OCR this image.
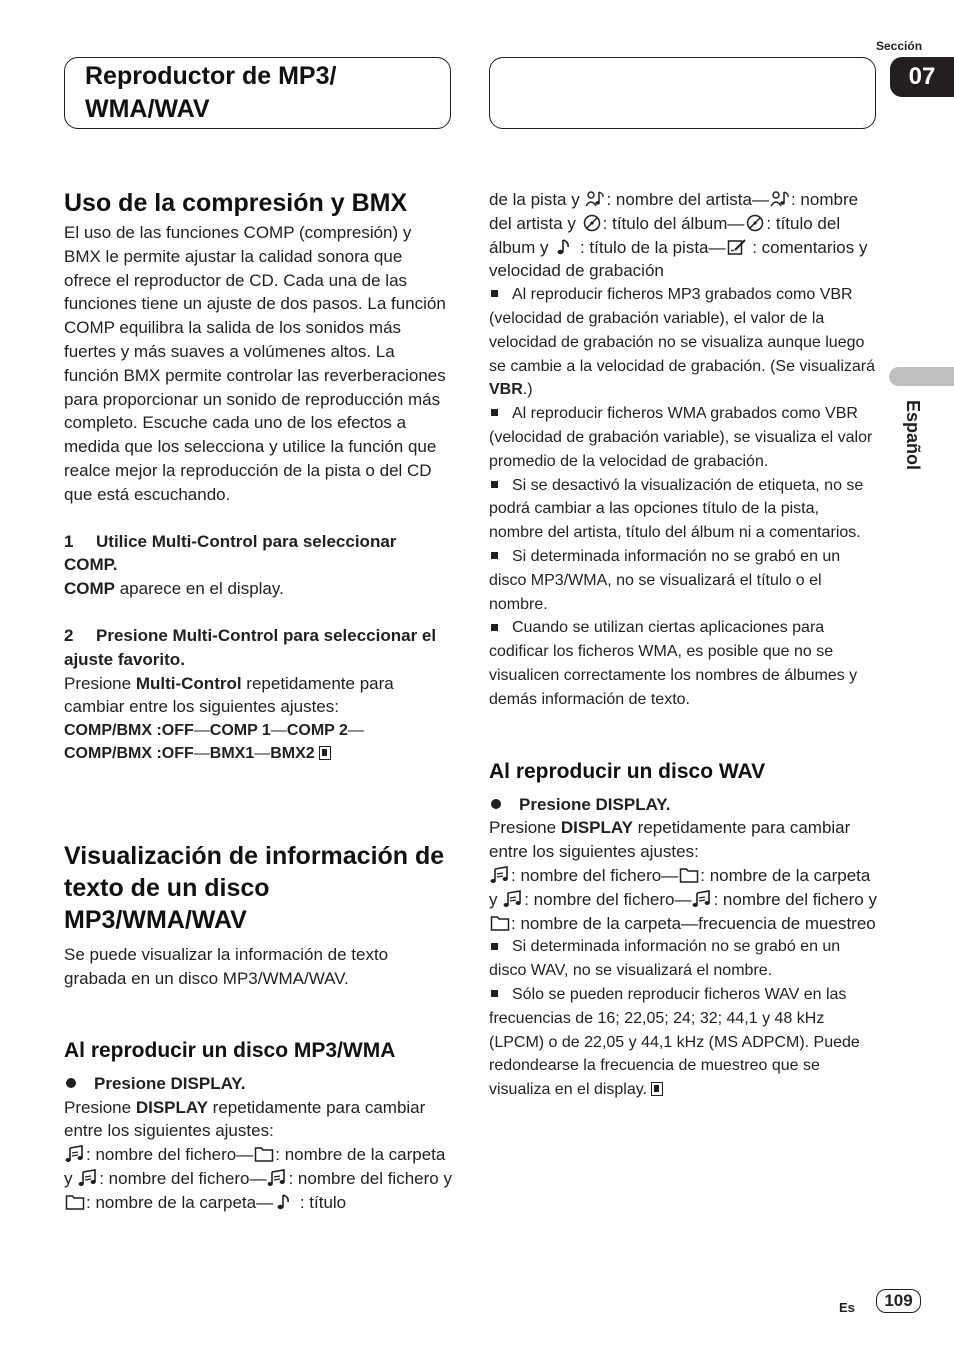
Reproductor de MP3/ WMA/WAV
Sección
07
Español
Uso de la compresión y BMX

El uso de las funciones COMP (compresión) y BMX le permite ajustar la calidad sonora que ofrece el reproductor de CD. Cada una de las funciones tiene un ajuste de dos pasos. La función COMP equilibra la salida de los sonidos más fuertes y más suaves a volúmenes altos. La función BMX permite controlar las reverberaciones para proporcionar un sonido de reproducción más completo. Escuche cada uno de los efectos a medida que los selecciona y utilice la función que realce mejor la reproducción de la pista o del CD que está escuchando.

1 Utilice Multi-Control para seleccionar COMP.

COMP aparece en el display.

2 Presione Multi-Control para seleccionar el ajuste favorito.

Presione Multi-Control repetidamente para cambiar entre los siguientes ajustes:

COMP/BMX :OFF—COMP 1—COMP 2—
COMP/BMX :OFF—BMX1—BMX2

Visualización de información de texto de un disco MP3/WMA/WAV

Se puede visualizar la información de texto grabada en un disco MP3/WMA/WAV.

Al reproducir un disco MP3/WMA

Presione DISPLAY.

Presione DISPLAY repetidamente para cambiar entre los siguientes ajustes:
: nombre del fichero— : nombre de la carpeta y : nombre del fichero— : nombre del fichero y : nombre de la carpeta— : título

de la pista y : nombre del artista— : nombre del artista y : título del álbum— : título del álbum y  : título de la pista— : comentarios y velocidad de grabación

Al reproducir ficheros MP3 grabados como VBR (velocidad de grabación variable), el valor de la velocidad de grabación no se visualiza aunque luego se cambie a la velocidad de grabación. (Se visualizará VBR.)

Al reproducir ficheros WMA grabados como VBR (velocidad de grabación variable), se visualiza el valor promedio de la velocidad de grabación.

Si se desactivó la visualización de etiqueta, no se podrá cambiar a las opciones título de la pista, nombre del artista, título del álbum ni a comentarios.

Si determinada información no se grabó en un disco MP3/WMA, no se visualizará el título o el nombre.

Cuando se utilizan ciertas aplicaciones para codificar los ficheros WMA, es posible que no se visualicen correctamente los nombres de álbumes y demás información de texto.

Al reproducir un disco WAV

Presione DISPLAY.

Presione DISPLAY repetidamente para cambiar entre los siguientes ajustes:
: nombre del fichero— : nombre de la carpeta y : nombre del fichero— : nombre del fichero y : nombre de la carpeta—frecuencia de muestreo

Si determinada información no se grabó en un disco WAV, no se visualizará el nombre.

Sólo se pueden reproducir ficheros WAV en las frecuencias de 16; 22,05; 24; 32; 44,1 y 48 kHz (LPCM) o de 22,05 y 44,1 kHz (MS ADPCM). Puede redondearse la frecuencia de muestreo que se visualiza en el display.

Es	109
